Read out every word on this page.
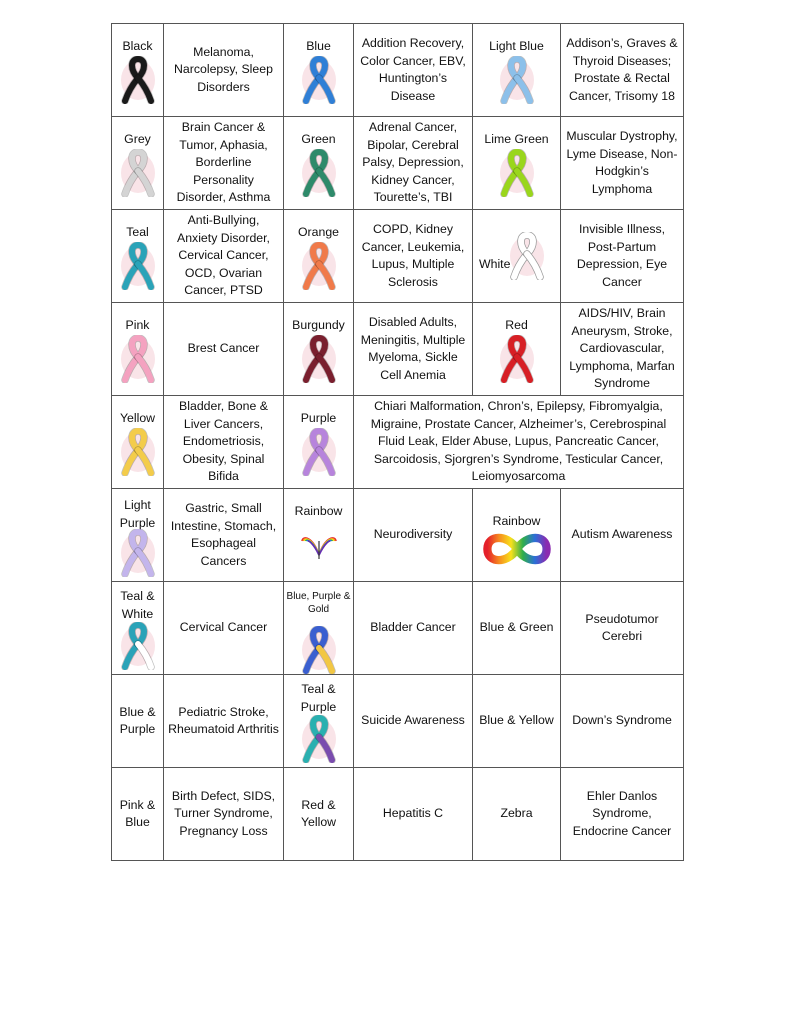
Black	Melanoma, Narcolepsy, Sleep Disorders	Blue	Addition Recovery, Color Cancer, EBV, Huntington’s Disease	Light Blue	Addison’s, Graves & Thyroid Diseases; Prostate & Rectal Cancer, Trisomy 18

Grey	Brain Cancer & Tumor, Aphasia, Borderline Personality Disorder, Asthma	Green	Adrenal Cancer, Bipolar, Cerebral Palsy, Depression, Kidney Cancer, Tourette’s, TBI	Lime Green	Muscular Dystrophy, Lyme Disease, Non-Hodgkin’s Lymphoma

Teal	Anti-Bullying, Anxiety Disorder, Cervical Cancer, OCD, Ovarian Cancer, PTSD	Orange	COPD, Kidney Cancer, Leukemia, Lupus, Multiple Sclerosis	White	Invisible Illness, Post-Partum Depression, Eye Cancer

Pink	Brest Cancer	Burgundy	Disabled Adults, Meningitis, Multiple Myeloma, Sickle Cell Anemia	Red	AIDS/HIV, Brain Aneurysm, Stroke, Cardiovascular, Lymphoma, Marfan Syndrome

Yellow	Bladder, Bone & Liver Cancers, Endometriosis, Obesity, Spinal Bifida	Purple	Chiari Malformation, Chron’s, Epilepsy, Fibromyalgia, Migraine, Prostate Cancer, Alzheimer’s, Cerebrospinal Fluid Leak, Elder Abuse, Lupus, Pancreatic Cancer, Sarcoidosis, Sjorgren’s Syndrome, Testicular Cancer, Leiomyosarcoma		

Light Purple	Gastric, Small Intestine, Stomach, Esophageal Cancers	Rainbow	Neurodiversity	Rainbow	Autism Awareness

Teal & White	Cervical Cancer	Blue, Purple & Gold	Bladder Cancer	Blue & Green	Pseudotumor Cerebri

Blue & Purple	Pediatric Stroke, Rheumatoid Arthritis	Teal & Purple	Suicide Awareness	Blue & Yellow	Down’s Syndrome

Pink & Blue	Birth Defect, SIDS, Turner Syndrome, Pregnancy Loss	Red & Yellow	Hepatitis C	Zebra	Ehler Danlos Syndrome, Endocrine Cancer
